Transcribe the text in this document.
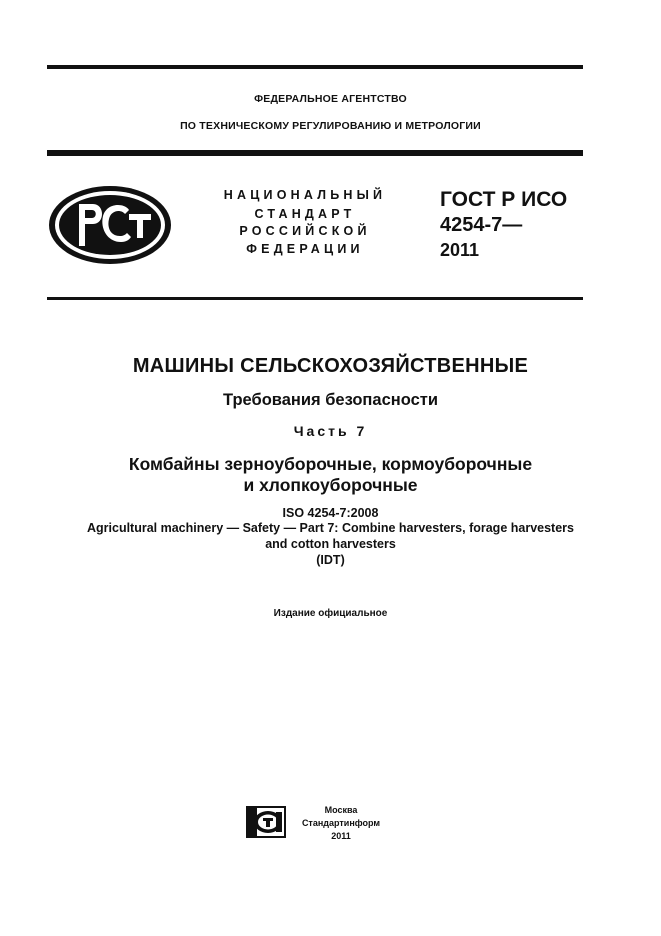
ФЕДЕРАЛЬНОЕ АГЕНТСТВО
ПО ТЕХНИЧЕСКОМУ РЕГУЛИРОВАНИЮ И МЕТРОЛОГИИ
НАЦИОНАЛЬНЫЙ
СТАНДАРТ
РОССИЙСКОЙ
ФЕДЕРАЦИИ
ГОСТ Р ИСО
4254-7—
2011
МАШИНЫ СЕЛЬСКОХОЗЯЙСТВЕННЫЕ
Требования безопасности
Часть 7
Комбайны зерноуборочные, кормоуборочные
и хлопкоуборочные
ISO 4254-7:2008
Agricultural machinery — Safety — Part 7: Combine harvesters, forage harvesters
and cotton harvesters
(IDT)
Издание официальное
Москва
Стандартинформ
2011
